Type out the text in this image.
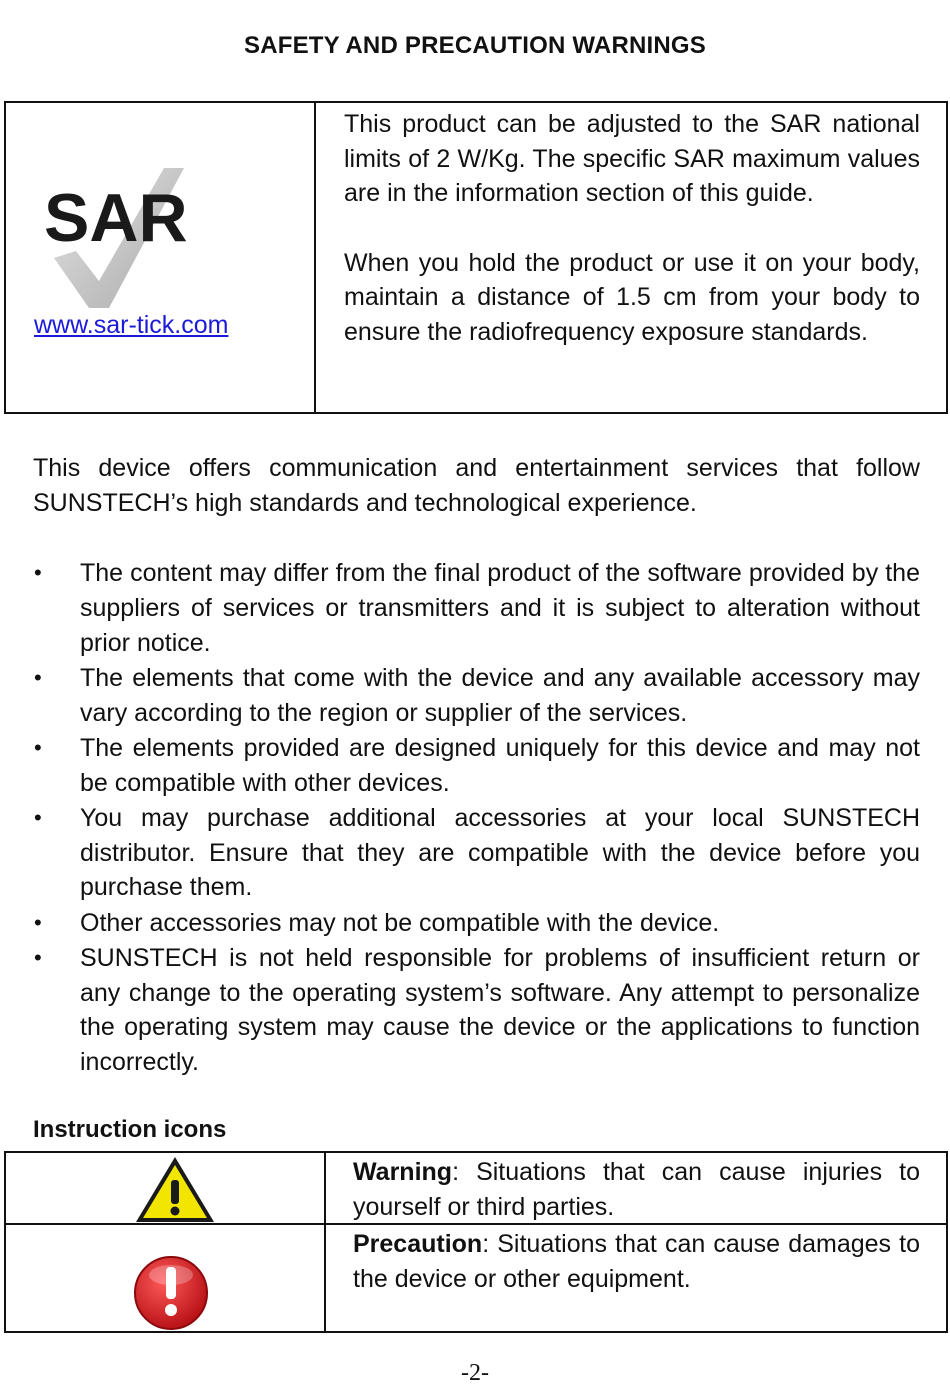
SAFETY AND PRECAUTION WARNINGS
SAR
www.sar-tick.com

This product can be adjusted to the SAR national limits of 2 W/Kg. The specific SAR maximum values are in the information section of this guide.

When you hold the product or use it on your body, maintain a distance of 1.5 cm from your body to ensure the radiofrequency exposure standards.

This device offers communication and entertainment services that follow SUNSTECH’s high standards and technological experience.

• The content may differ from the final product of the software provided by the suppliers of services or transmitters and it is subject to alteration without prior notice.
• The elements that come with the device and any available accessory may vary according to the region or supplier of the services.
• The elements provided are designed uniquely for this device and may not be compatible with other devices.
• You may purchase additional accessories at your local SUNSTECH distributor. Ensure that they are compatible with the device before you purchase them.
• Other accessories may not be compatible with the device.
• SUNSTECH is not held responsible for problems of insufficient return or any change to the operating system’s software. Any attempt to personalize the operating system may cause the device or the applications to function incorrectly.
Instruction icons
Warning: Situations that can cause injuries to yourself or third parties.
Precaution: Situations that can cause damages to the device or other equipment.
-2-
